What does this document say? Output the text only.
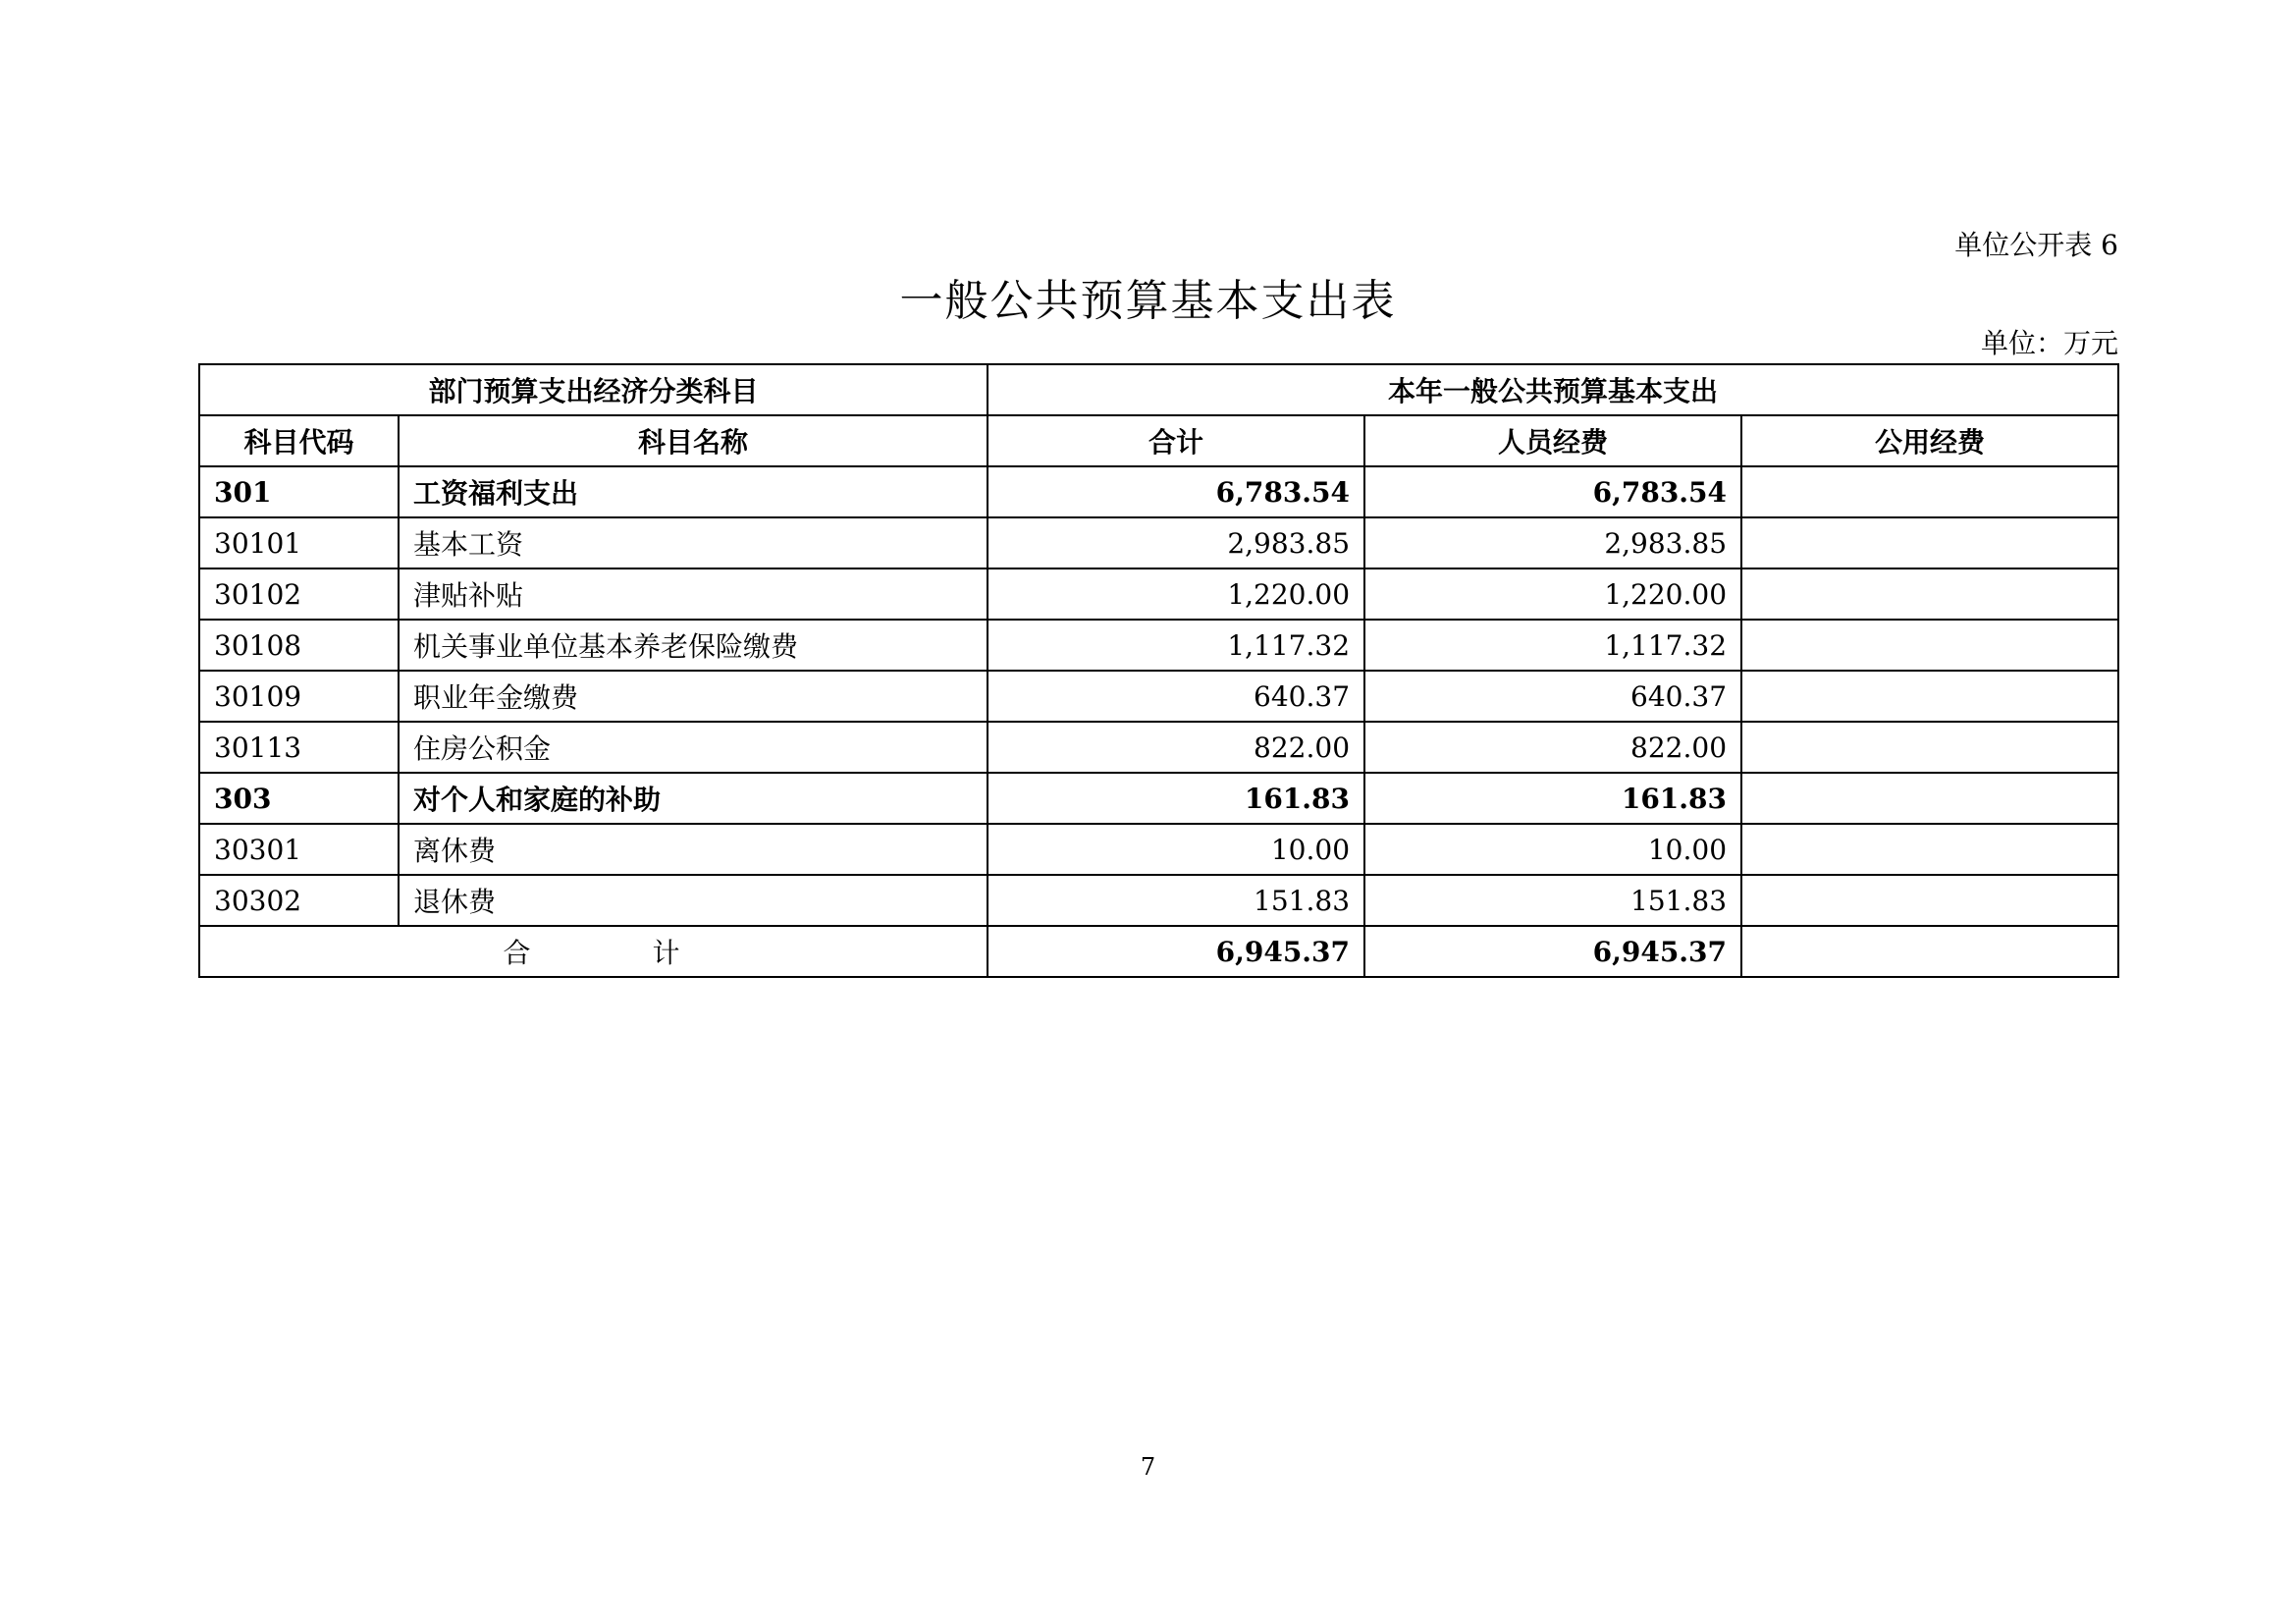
单位公开表 6
一般公共预算基本支出表
单位：万元
部门预算支出经济分类科目		本年一般公共预算基本支出		
科目代码	科目名称	合计	人员经费	公用经费
301	工资福利支出	6,783.54	6,783.54	
30101	基本工资	2,983.85	2,983.85	
30102	津贴补贴	1,220.00	1,220.00	
30108	机关事业单位基本养老保险缴费	1,117.32	1,117.32	
30109	职业年金缴费	640.37	640.37	
30113	住房公积金	822.00	822.00	
303	对个人和家庭的补助	161.83	161.83	
30301	离休费	10.00	10.00	
30302	退休费	151.83	151.83	
合 计		6,945.37	6,945.37	
7
